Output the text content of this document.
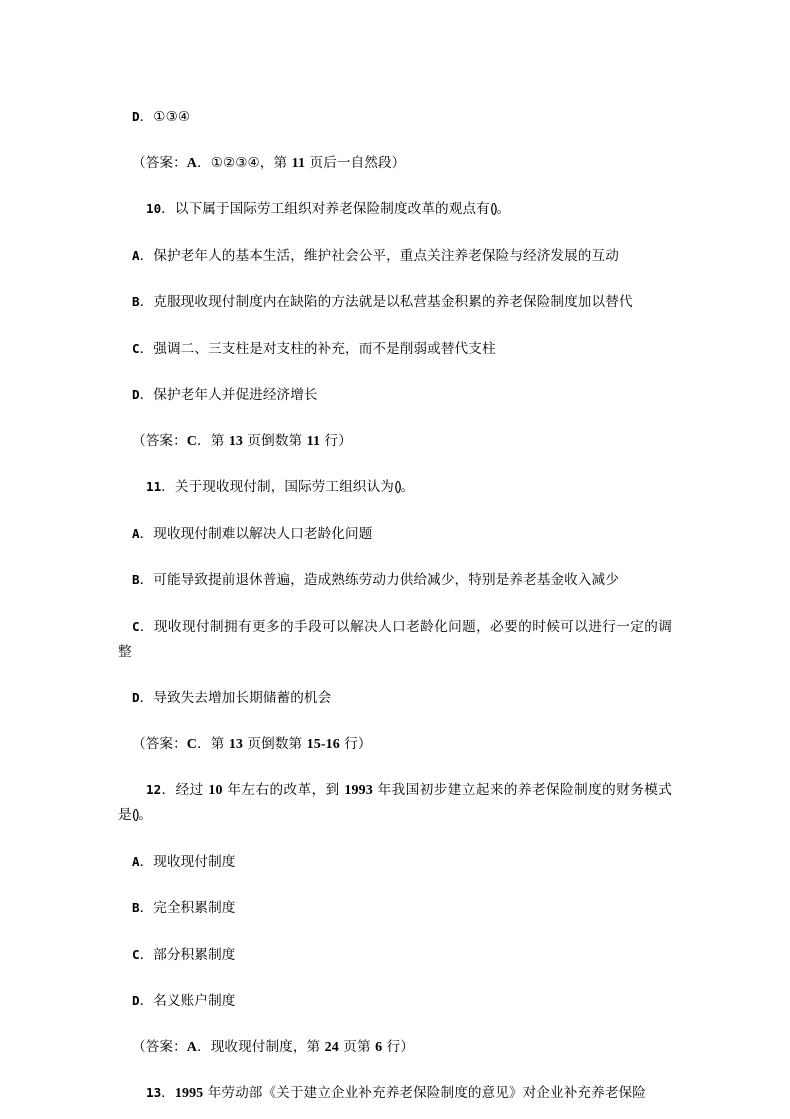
D．①③④

（答案：A．①②③④，第 11 页后一自然段）

10．以下属于国际劳工组织对养老保险制度改革的观点有()。

A．保护老年人的基本生活，维护社会公平，重点关注养老保险与经济发展的互动

B．克服现收现付制度内在缺陷的方法就是以私营基金积累的养老保险制度加以替代

C．强调二、三支柱是对支柱的补充，而不是削弱或替代支柱

D．保护老年人并促进经济增长

（答案：C．第 13 页倒数第 11 行）

11．关于现收现付制，国际劳工组织认为()。

A．现收现付制难以解决人口老龄化问题

B．可能导致提前退休普遍，造成熟练劳动力供给减少，特别是养老基金收入减少

C．现收现付制拥有更多的手段可以解决人口老龄化问题，必要的时候可以进行一定的调整

D．导致失去增加长期储蓄的机会

（答案：C．第 13 页倒数第 15-16 行）

12．经过 10 年左右的改革，到 1993 年我国初步建立起来的养老保险制度的财务模式是()。

A．现收现付制度

B．完全积累制度

C．部分积累制度

D．名义账户制度

（答案：A．现收现付制度，第 24 页第 6 行）

13．1995 年劳动部《关于建立企业补充养老保险制度的意见》对企业补充养老保险
